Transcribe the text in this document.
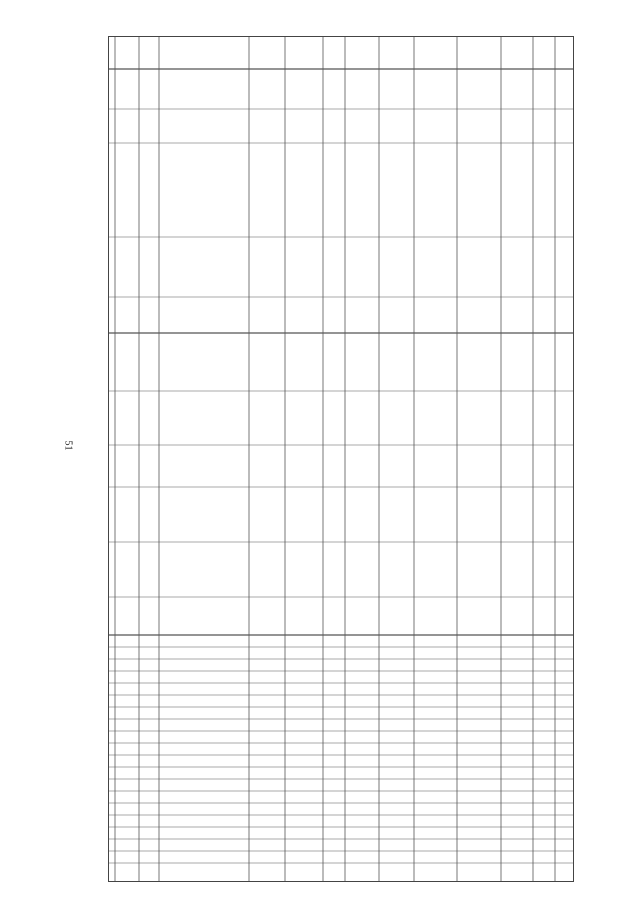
51
